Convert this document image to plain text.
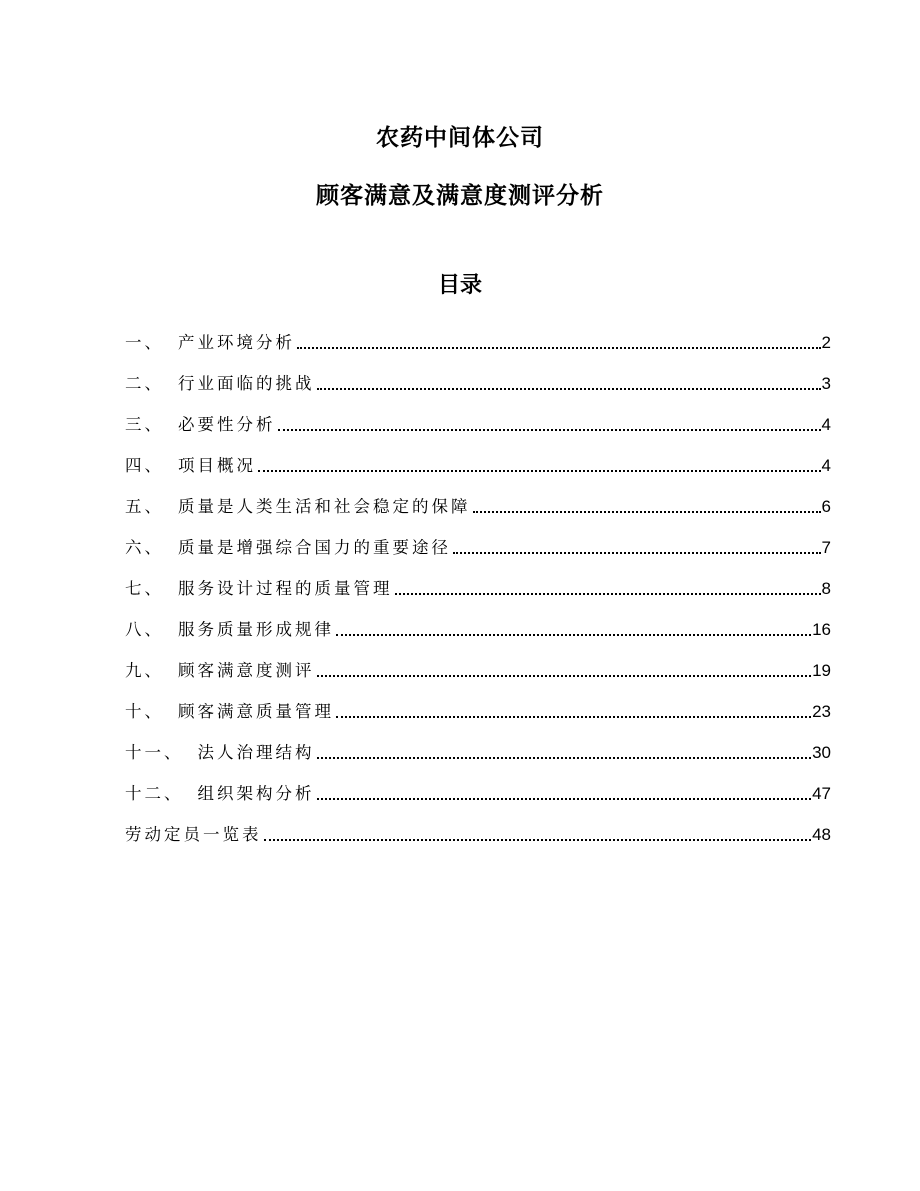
农药中间体公司
顾客满意及满意度测评分析
目录
一、 产业环境分析	2
二、 行业面临的挑战	3
三、 必要性分析	4
四、 项目概况	4
五、 质量是人类生活和社会稳定的保障	6
六、 质量是增强综合国力的重要途径	7
七、 服务设计过程的质量管理	8
八、 服务质量形成规律	16
九、 顾客满意度测评	19
十、 顾客满意质量管理	23
十一、 法人治理结构	30
十二、 组织架构分析	47
劳动定员一览表	48
